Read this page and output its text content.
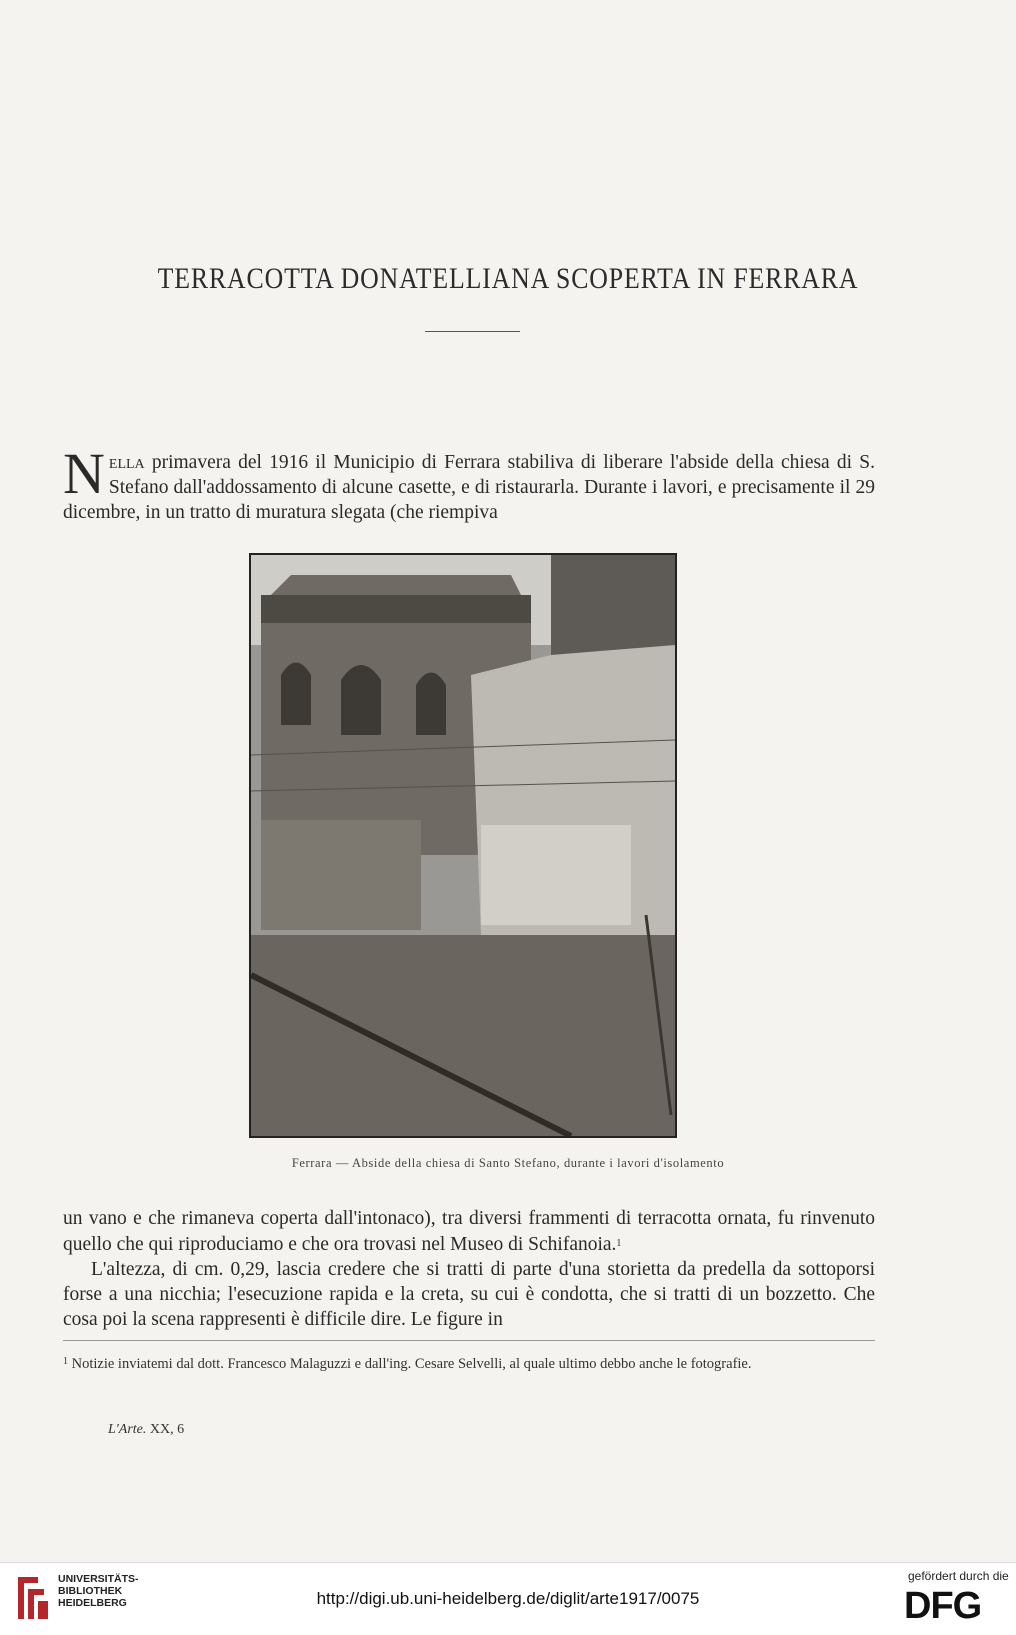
TERRACOTTA DONATELLIANA SCOPERTA IN FERRARA
Nella primavera del 1916 il Municipio di Ferrara stabiliva di liberare l'abside della chiesa di S. Stefano dall'addossamento di alcune casette, e di ristaurarla. Durante i lavori, e precisamente il 29 dicembre, in un tratto di muratura slegata (che riempiva
Ferrara — Abside della chiesa di Santo Stefano, durante i lavori d'isolamento
un vano e che rimaneva coperta dall'intonaco), tra diversi frammenti di terracotta ornata, fu rinvenuto quello che qui riproduciamo e che ora trovasi nel Museo di Schifanoia.$^1$
L'altezza, di cm. 0,29, lascia credere che si tratti di parte d'una storietta da predella da sottoporsi forse a una nicchia; l'esecuzione rapida e la creta, su cui è condotta, che si tratti di un bozzetto. Che cosa poi la scena rappresenti è difficile dire. Le figure in
$^1$ Notizie inviatemi dal dott. Francesco Malaguzzi e dall'ing. Cesare Selvelli, al quale ultimo debbo anche le fotografie.
L'Arte. XX, 6
UNIVERSITÄTS-
BIBLIOTHEK
HEIDELBERG	http://digi.ub.uni-heidelberg.de/diglit/arte1917/0075
gefördert durch die
DFG
